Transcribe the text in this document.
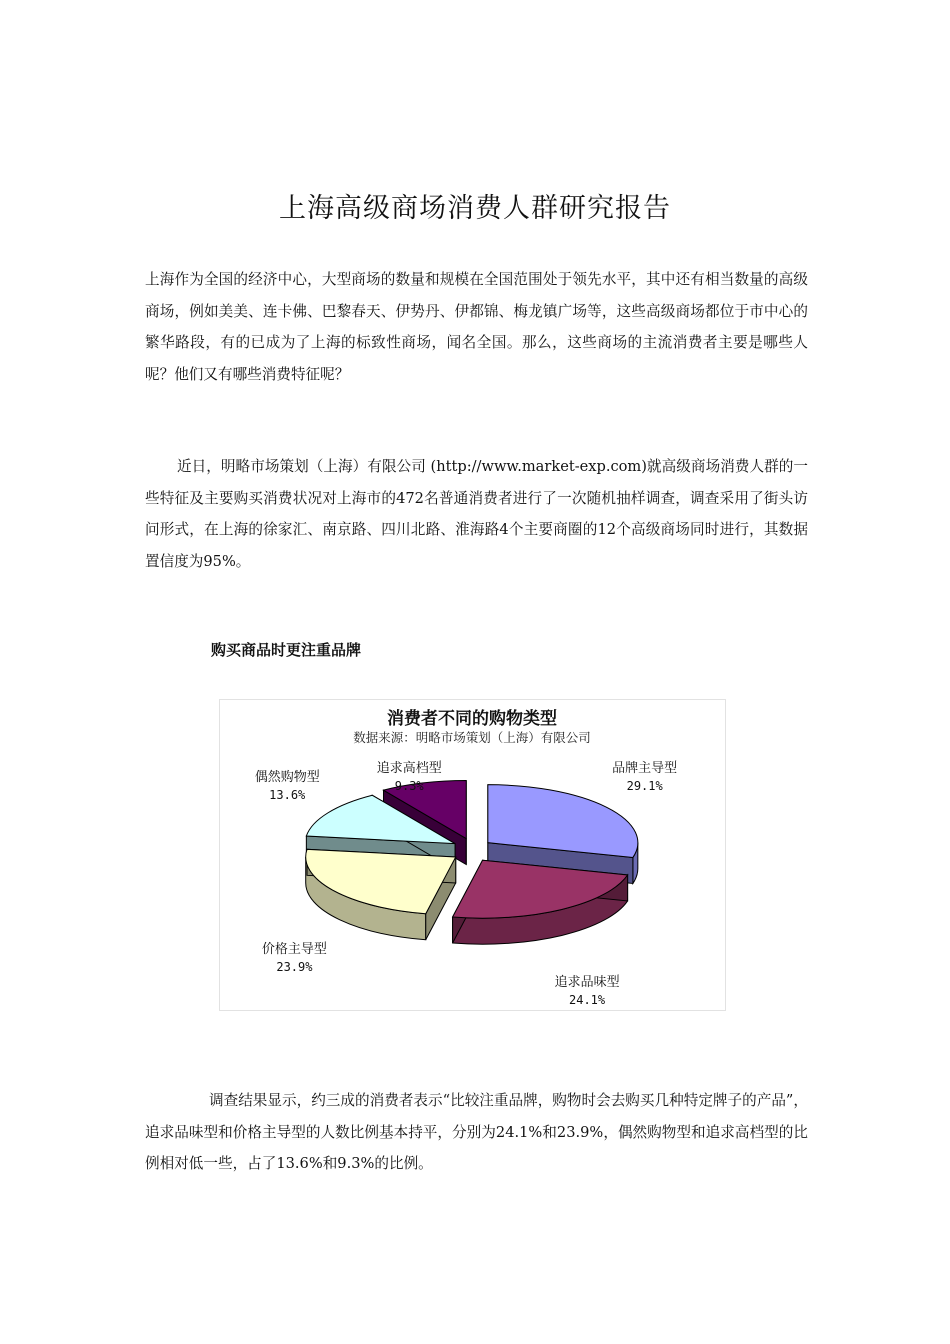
上海高级商场消费人群研究报告

上海作为全国的经济中心，大型商场的数量和规模在全国范围处于领先水平，其中还有相当数量的高级商场，例如美美、连卡佛、巴黎春天、伊势丹、伊都锦、梅龙镇广场等，这些高级商场都位于市中心的繁华路段，有的已成为了上海的标致性商场，闻名全国。那么，这些商场的主流消费者主要是哪些人呢？他们又有哪些消费特征呢？

近日，明略市场策划（上海）有限公司 (http://www.market-exp.com)就高级商场消费人群的一些特征及主要购买消费状况对上海市的472名普通消费者进行了一次随机抽样调查，调查采用了街头访问形式，在上海的徐家汇、南京路、四川北路、淮海路4个主要商圈的12个高级商场同时进行，其数据置信度为95%。

购买商品时更注重品牌
消费者不同的购物类型
数据来源：明略市场策划（上海）有限公司
品牌主导型
29.1%
追求品味型
24.1%
价格主导型
23.9%
偶然购物型
13.6%
追求高档型
9.3%

调查结果显示，约三成的消费者表示“比较注重品牌，购物时会去购买几种特定牌子的产品”，追求品味型和价格主导型的人数比例基本持平，分别为24.1%和23.9%，偶然购物型和追求高档型的比例相对低一些，占了13.6%和9.3%的比例。
